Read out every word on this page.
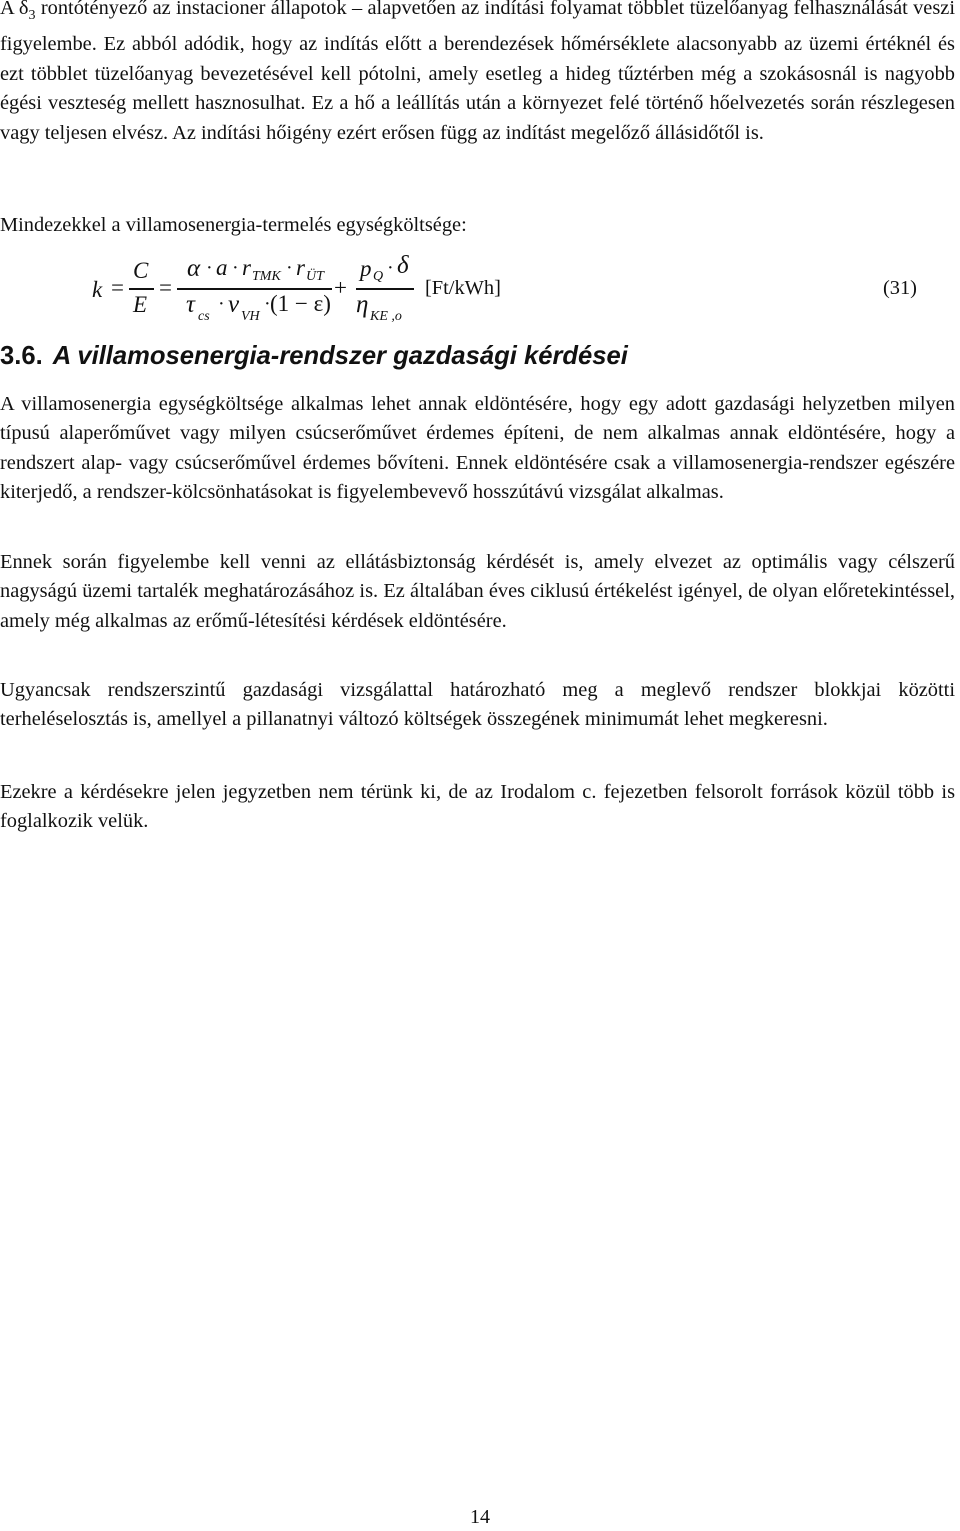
A $\delta_3$ rontótényező az instacioner állapotok – alapvetően az indítási folyamat többlet tüzelőanyag felhasználását veszi figyelembe. Ez abból adódik, hogy az indítás előtt a berendezések hőmérséklete alacsonyabb az üzemi értéknél és ezt többlet tüzelőanyag bevezetésével kell pótolni, amely esetleg a hideg tűztérben még a szokásosnál is nagyobb égési veszteség mellett hasznosulhat. Ez a hő a leállítás után a környezet felé történő hőelvezetés során részlegesen vagy teljesen elvész. Az indítási hőigény ezért erősen függ az indítást megelőző állásidőtől is.

Mindezekkel a villamosenergia-termelés egységköltsége:

k =
C
E
=
α · a · r TMK · r ÜT
τ cs
· ν VH
· (1 − ε)
+
p Q · δ
η KE ,o
[Ft/kWh]	(31)
3.6. A villamosenergia-rendszer gazdasági kérdései

A villamosenergia egységköltsége alkalmas lehet annak eldöntésére, hogy egy adott gazdasági helyzetben milyen típusú alaperőművet vagy milyen csúcserőművet érdemes építeni, de nem alkalmas annak eldöntésére, hogy a rendszert alap- vagy csúcserőművel érdemes bővíteni. Ennek eldöntésére csak a villamosenergia-rendszer egészére kiterjedő, a rendszer-kölcsönhatásokat is figyelembevevő hosszútávú vizsgálat alkalmas.

Ennek során figyelembe kell venni az ellátásbiztonság kérdését is, amely elvezet az optimális vagy célszerű nagyságú üzemi tartalék meghatározásához is. Ez általában éves ciklusú értékelést igényel, de olyan előretekintéssel, amely még alkalmas az erőmű-létesítési kérdések eldöntésére.

Ugyancsak rendszerszintű gazdasági vizsgálattal határozható meg a meglevő rendszer blokkjai közötti terheléselosztás is, amellyel a pillanatnyi változó költségek összegének minimumát lehet megkeresni.

Ezekre a kérdésekre jelen jegyzetben nem térünk ki, de az Irodalom c. fejezetben felsorolt források közül több is foglalkozik velük.

14
